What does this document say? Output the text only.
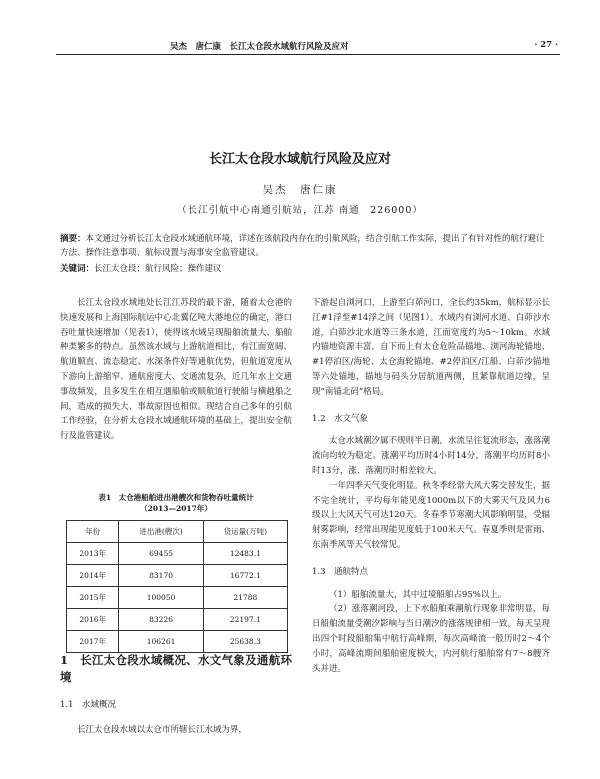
吴杰　唐仁康　长江太仓段水域航行风险及应对	· 27 ·
长江太仓段水域航行风险及应对
吴杰　唐仁康
（长江引航中心南通引航站，江苏 南通　226000）
摘要：本文通过分析长江太仓段水域通航环境，详述在该航段内存在的引航风险，结合引航工作实际，提出了有针对性的航行避让方法、操作注意事项、航标设置与海事安全监管建议。
关键词：长江太仓段；航行风险；操作建议

长江太仓段水域地处长江江苏段的最下游，随着太仓港的快速发展和上海国际航运中心北翼亿吨大港地位的确定，港口吞吐量快速增加（见表1），使得该水域呈现船舶流量大、船舶种类繁多的特点。虽然该水域与上游航道相比，有江面宽阔、航道顺直、流态稳定、水深条件好等通航优势，但航道宽度从下游向上游缩窄、通航密度大、交通流复杂，近几年水上交通事故频发，且多发生在相互遇船舶或顺航道行驶船与横越船之间，造成的损失大、事故原因也相似。现结合自己多年的引航工作经验，在分析太仓段水域通航环境的基础上，提出安全航行及监管建议。

表1　太仓港船舶进出港艘次和货物吞吐量统计
（2013—2017年）
年份	进出港(艘次)	货运量(万吨)
2013年	69455	12483.1
2014年	83170	16772.1
2015年	100050	21788
2016年	83226	22197.1
2017年	106261	25638.3
1　长江太仓段水域概况、水文气象及通航环境
1.1　水域概况

长江太仓段水域以太仓市所辖长江水域为界，

下游起自浏河口，上游至白茆河口，全长约35km，航标显示长江#1浮至#14浮之间（见图1）。水域内有浏河水道、白茆沙水道，白茆沙北水道等三条水道，江面宽度约为5～10km。水域内锚地资源丰富，自下而上有太仓危险品锚地、浏河海轮锚地、#1停泊区/海轮、太仓海轮锚地、#2停泊区/江船、白茆沙锚地等六处锚地，锚地与码头分居航道两侧，且紧靠航道边缘，呈现“南锚北码”格局。

1.2　水文气象

太仓水域潮汐属不规则半日潮，水流呈往复流形态，涨落潮流向均较为稳定。涨潮平均历时4小时14分，落潮平均历时8小时13分，涨、落潮历时相差较大。

一年四季天气变化明显。秋冬季经常大风大雾交替发生，据不完全统计，平均每年能见度1000m以下的大雾天气及风力6级以上大风天气可达120天。冬春季节寒潮大风影响明显，受辐射雾影响，经常出现能见度低于100米天气。春夏季则是雷雨、东南季风等天气较常见。

1.3　通航特点

（1）船舶流量大，其中过境船舶占95%以上。

（2）涨落潮河段，上下水船舶乘潮航行现象非常明显，每日船舶流量受潮汐影响与当日潮汐的涨落规律相一致，每天呈现出四个时段船舶集中航行高峰期，每次高峰流一般历时2～4个小时，高峰流期间船舶密度极大，内河航行船舶常有7～8艘齐头并进。
